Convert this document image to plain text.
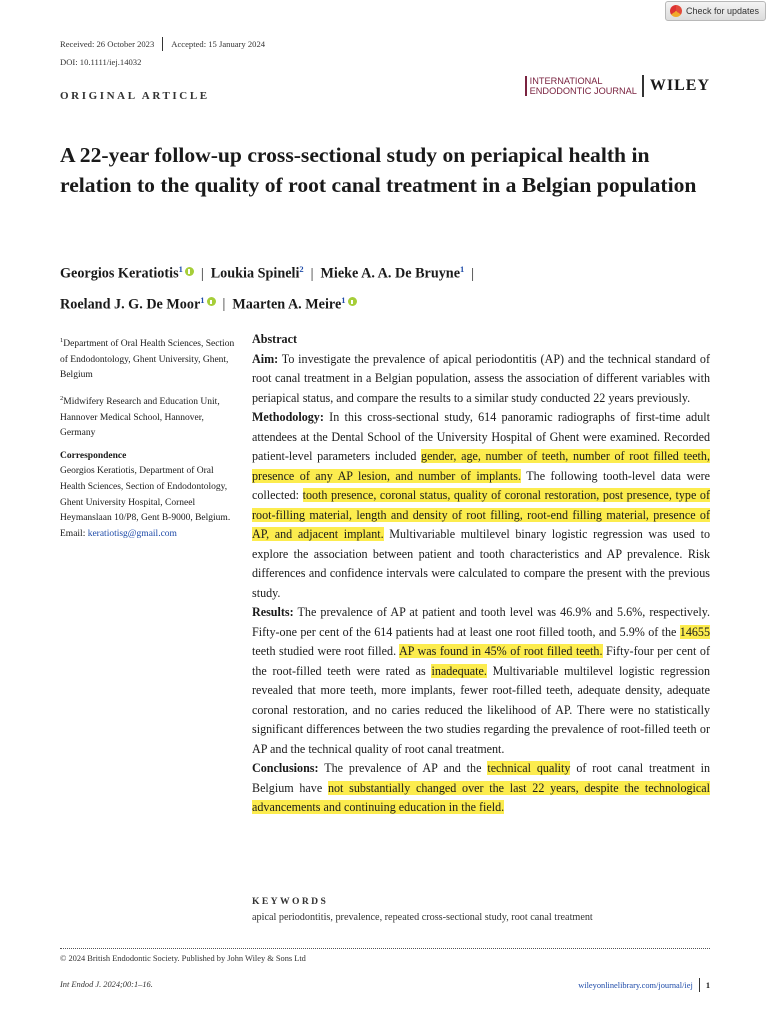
Check for updates
Received: 26 October 2023 Accepted: 15 January 2024
DOI: 10.1111/iej.14032
ORIGINAL ARTICLE
INTERNATIONAL
ENDODONTIC JOURNAL WILEY
A 22-year follow-up cross-sectional study on periapical health in relation to the quality of root canal treatment in a Belgian population
Georgios Keratiotis$^1$ | Loukia Spineli$^2$ | Mieke A. A. De Bruyne$^1$ |
Roeland J. G. De Moor$^1$ | Maarten A. Meire$^1$

$^1$Department of Oral Health Sciences, Section of Endodontology, Ghent University, Ghent, Belgium

$^2$Midwifery Research and Education Unit, Hannover Medical School, Hannover, Germany

Correspondence

Georgios Keratiotis, Department of Oral Health Sciences, Section of Endodontology, Ghent University Hospital, Corneel Heymanslaan 10/P8, Gent B-9000, Belgium.
Email: keratiotisg@gmail.com

Abstract

Aim: To investigate the prevalence of apical periodontitis (AP) and the technical standard of root canal treatment in a Belgian population, assess the association of different variables with periapical status, and compare the results to a similar study conducted 22 years previously.

Methodology: In this cross-sectional study, 614 panoramic radiographs of first-time adult attendees at the Dental School of the University Hospital of Ghent were examined. Recorded patient-level parameters included gender, age, number of teeth, number of root filled teeth, presence of any AP lesion, and number of implants. The following tooth-level data were collected: tooth presence, coronal status, quality of coronal restoration, post presence, type of root-filling material, length and density of root filling, root-end filling material, presence of AP, and adjacent implant. Multivariable multilevel binary logistic regression was used to explore the association between patient and tooth characteristics and AP prevalence. Risk differences and confidence intervals were calculated to compare the present with the previous study.

Results: The prevalence of AP at patient and tooth level was 46.9% and 5.6%, respectively. Fifty-one per cent of the 614 patients had at least one root filled tooth, and 5.9% of the 14655 teeth studied were root filled. AP was found in 45% of root filled teeth. Fifty-four per cent of the root-filled teeth were rated as inadequate. Multivariable multilevel logistic regression revealed that more teeth, more implants, fewer root-filled teeth, adequate density, adequate coronal restoration, and no caries reduced the likelihood of AP. There were no statistically significant differences between the two studies regarding the prevalence of root-filled teeth or AP and the technical quality of root canal treatment.

Conclusions: The prevalence of AP and the technical quality of root canal treatment in Belgium have not substantially changed over the last 22 years, despite the technological advancements and continuing education in the field.

KEYWORDS
apical periodontitis, prevalence, repeated cross-sectional study, root canal treatment
© 2024 British Endodontic Society. Published by John Wiley & Sons Ltd
Int Endod J. 2024;00:1–16.	wileyonlinelibrary.com/journal/iej 1
